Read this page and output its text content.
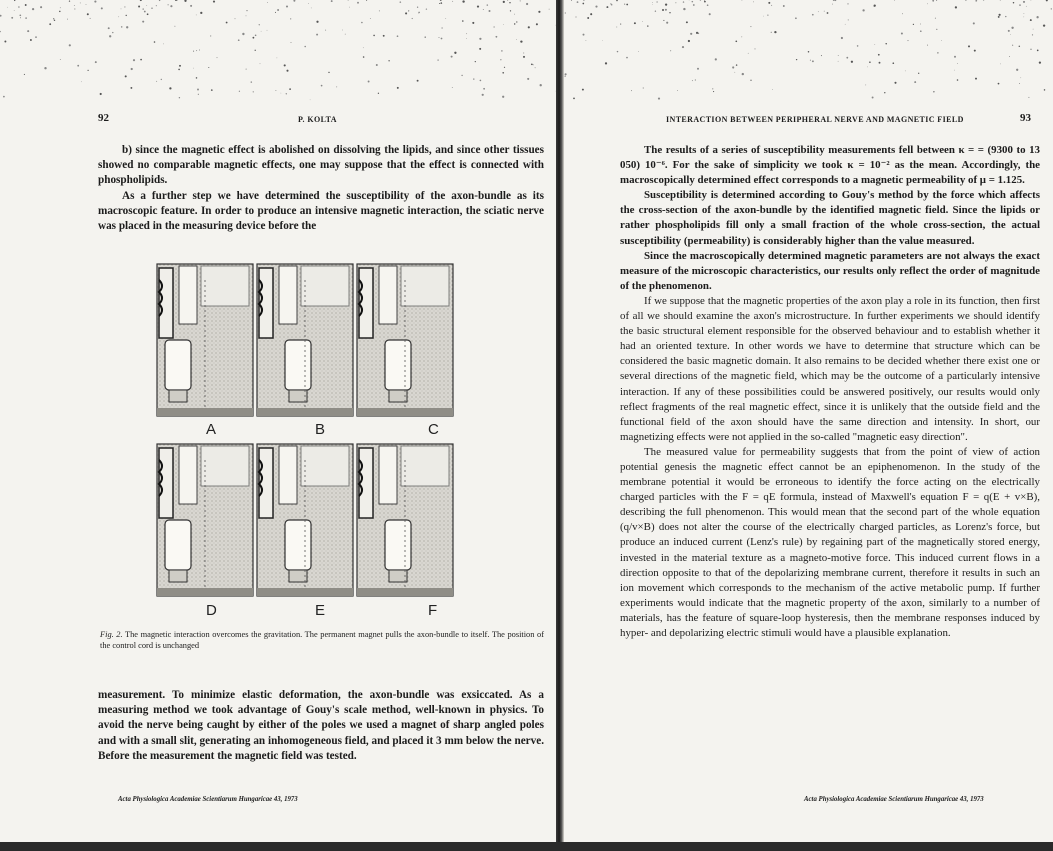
92	P. KOLTA

b) since the magnetic effect is abolished on dissolving the lipids, and since other tissues showed no comparable magnetic effects, one may suppose that the effect is connected with phospholipids.

As a further step we have determined the susceptibility of the axon-bundle as its macroscopic feature. In order to produce an intensive magnetic interaction, the sciatic nerve was placed in the measuring device before the

A	B	C
D	E	F
Fig. 2. The magnetic interaction overcomes the gravitation. The permanent magnet pulls the axon-bundle to itself. The position of the control cord is unchanged

measurement. To minimize elastic deformation, the axon-bundle was exsiccated. As a measuring method we took advantage of Gouy's scale method, well-known in physics. To avoid the nerve being caught by either of the poles we used a magnet of sharp angled poles and with a small slit, generating an inhomogeneous field, and placed it 3 mm below the nerve. Before the measurement the magnetic field was tested.

Acta Physiologica Academiae Scientiarum Hungaricae 43, 1973
INTERACTION BETWEEN PERIPHERAL NERVE AND MAGNETIC FIELD	93

The results of a series of susceptibility measurements fell between κ = = (9300 to 13 050) 10⁻⁶. For the sake of simplicity we took κ = 10⁻² as the mean. Accordingly, the macroscopically determined effect corresponds to a magnetic permeability of μ = 1.125.

Susceptibility is determined according to Gouy's method by the force which affects the cross-section of the axon-bundle by the identified magnetic field. Since the lipids or rather phospholipids fill only a small fraction of the whole cross-section, the actual susceptibility (permeability) is considerably higher than the value measured.

Since the macroscopically determined magnetic parameters are not always the exact measure of the microscopic characteristics, our results only reflect the order of magnitude of the phenomenon.

If we suppose that the magnetic properties of the axon play a role in its function, then first of all we should examine the axon's microstructure. In further experiments we should identify the basic structural element responsible for the observed behaviour and to establish whether it had an oriented texture. In other words we have to determine that structure which can be considered the basic magnetic domain. It also remains to be decided whether there exist one or several directions of the magnetic field, which may be the outcome of a particularly intensive interaction. If any of these possibilities could be answered positively, our results would only reflect fragments of the real magnetic effect, since it is unlikely that the outside field and the functional field of the axon should have the same direction and intensity. In short, our magnetizing effects were not applied in the so-called "magnetic easy direction".

The measured value for permeability suggests that from the point of view of action potential genesis the magnetic effect cannot be an epiphenomenon. In the study of the membrane potential it would be erroneous to identify the force acting on the electrically charged particles with the F = qE formula, instead of Maxwell's equation F = q(E + v×B), describing the full phenomenon. This would mean that the second part of the whole equation (q/v×B) does not alter the course of the electrically charged particles, as Lorenz's force, but produce an induced current (Lenz's rule) by regaining part of the magnetically stored energy, invested in the material texture as a magneto-motive force. This induced current flows in a direction opposite to that of the depolarizing membrane current, therefore it results in such an ion movement which corresponds to the mechanism of the active metabolic pump. If further experiments would indicate that the magnetic property of the axon, similarly to a number of materials, has the feature of square-loop hysteresis, then the membrane responses induced by hyper- and depolarizing electric stimuli would have a plausible explanation.

Acta Physiologica Academiae Scientiarum Hungaricae 43, 1973
